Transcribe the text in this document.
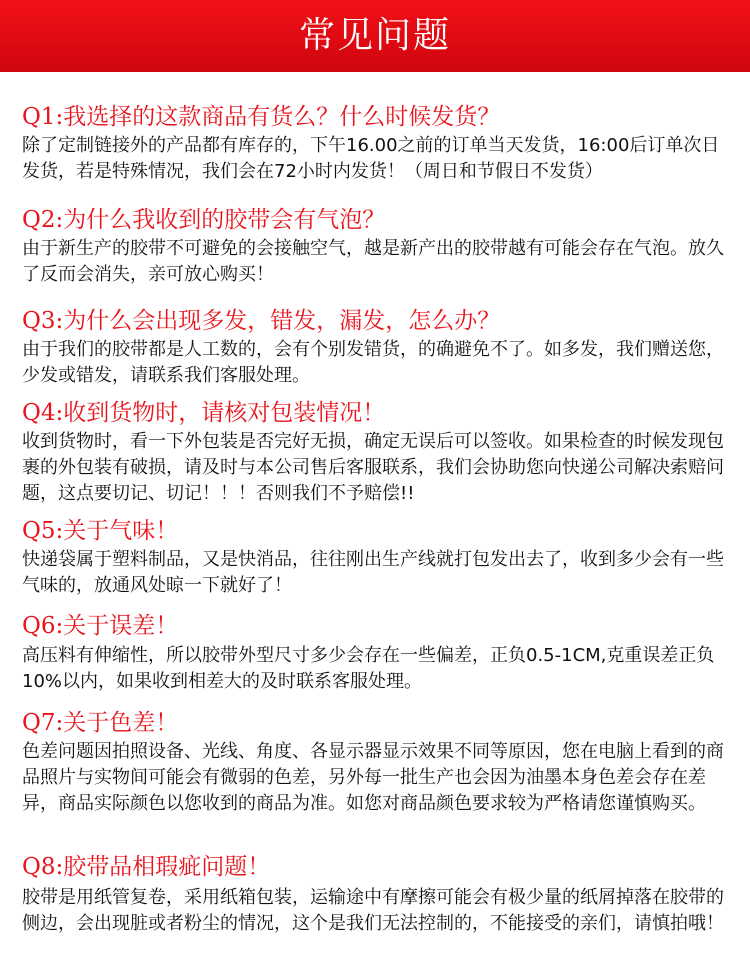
常见问题
Q1:我选择的这款商品有货么？什么时候发货？

除了定制链接外的产品都有库存的，下午16.00之前的订单当天发货，16:00后订单次日发货，若是特殊情况，我们会在72小时内发货！（周日和节假日不发货）

Q2:为什么我收到的胶带会有气泡？

由于新生产的胶带不可避免的会接触空气，越是新产出的胶带越有可能会存在气泡。放久了反而会消失，亲可放心购买！

Q3:为什么会出现多发，错发，漏发，怎么办？

由于我们的胶带都是人工数的，会有个别发错货，的确避免不了。如多发，我们赠送您，少发或错发，请联系我们客服处理。

Q4:收到货物时，请核对包装情况！

收到货物时，看一下外包装是否完好无损，确定无误后可以签收。如果检查的时候发现包裹的外包装有破损，请及时与本公司售后客服联系，我们会协助您向快递公司解决索赔问题，这点要切记、切记！！！否则我们不予赔偿!!

Q5:关于气味！

快递袋属于塑料制品，又是快消品，往往刚出生产线就打包发出去了，收到多少会有一些气味的，放通风处晾一下就好了！

Q6:关于误差！

高压料有伸缩性，所以胶带外型尺寸多少会存在一些偏差，正负0.5-1CM,克重误差正负10%以内，如果收到相差大的及时联系客服处理。

Q7:关于色差！

色差问题因拍照设备、光线、角度、各显示器显示效果不同等原因，您在电脑上看到的商品照片与实物间可能会有微弱的色差，另外每一批生产也会因为油墨本身色差会存在差异，商品实际颜色以您收到的商品为准。如您对商品颜色要求较为严格请您谨慎购买。

Q8:胶带品相瑕疵问题！

胶带是用纸管复卷，采用纸箱包装，运输途中有摩擦可能会有极少量的纸屑掉落在胶带的侧边，会出现脏或者粉尘的情况，这个是我们无法控制的，不能接受的亲们，请慎拍哦！
